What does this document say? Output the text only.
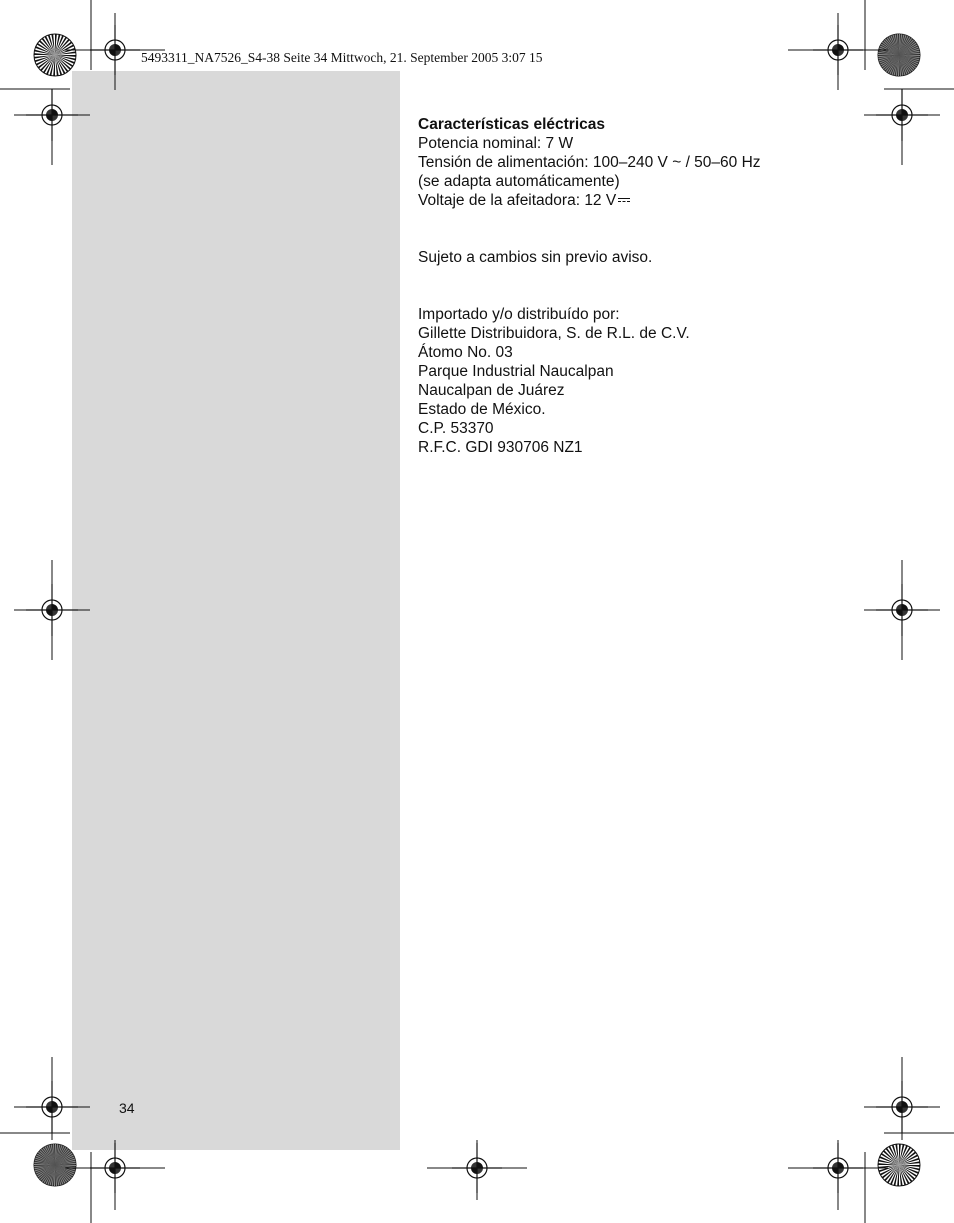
5493311_NA7526_S4-38 Seite 34 Mittwoch, 21. September 2005 3:07 15
Características eléctricas
Potencia nominal: 7 W
Tensión de alimentación: 100–240 V ~ / 50–60 Hz
(se adapta automáticamente)
Voltaje de la afeitadora: 12 V
Sujeto a cambios sin previo aviso.
Importado y/o distribuído por:
Gillette Distribuidora, S. de R.L. de C.V.
Átomo No. 03
Parque Industrial Naucalpan
Naucalpan de Juárez
Estado de México.
C.P. 53370
R.F.C. GDI 930706 NZ1
34
